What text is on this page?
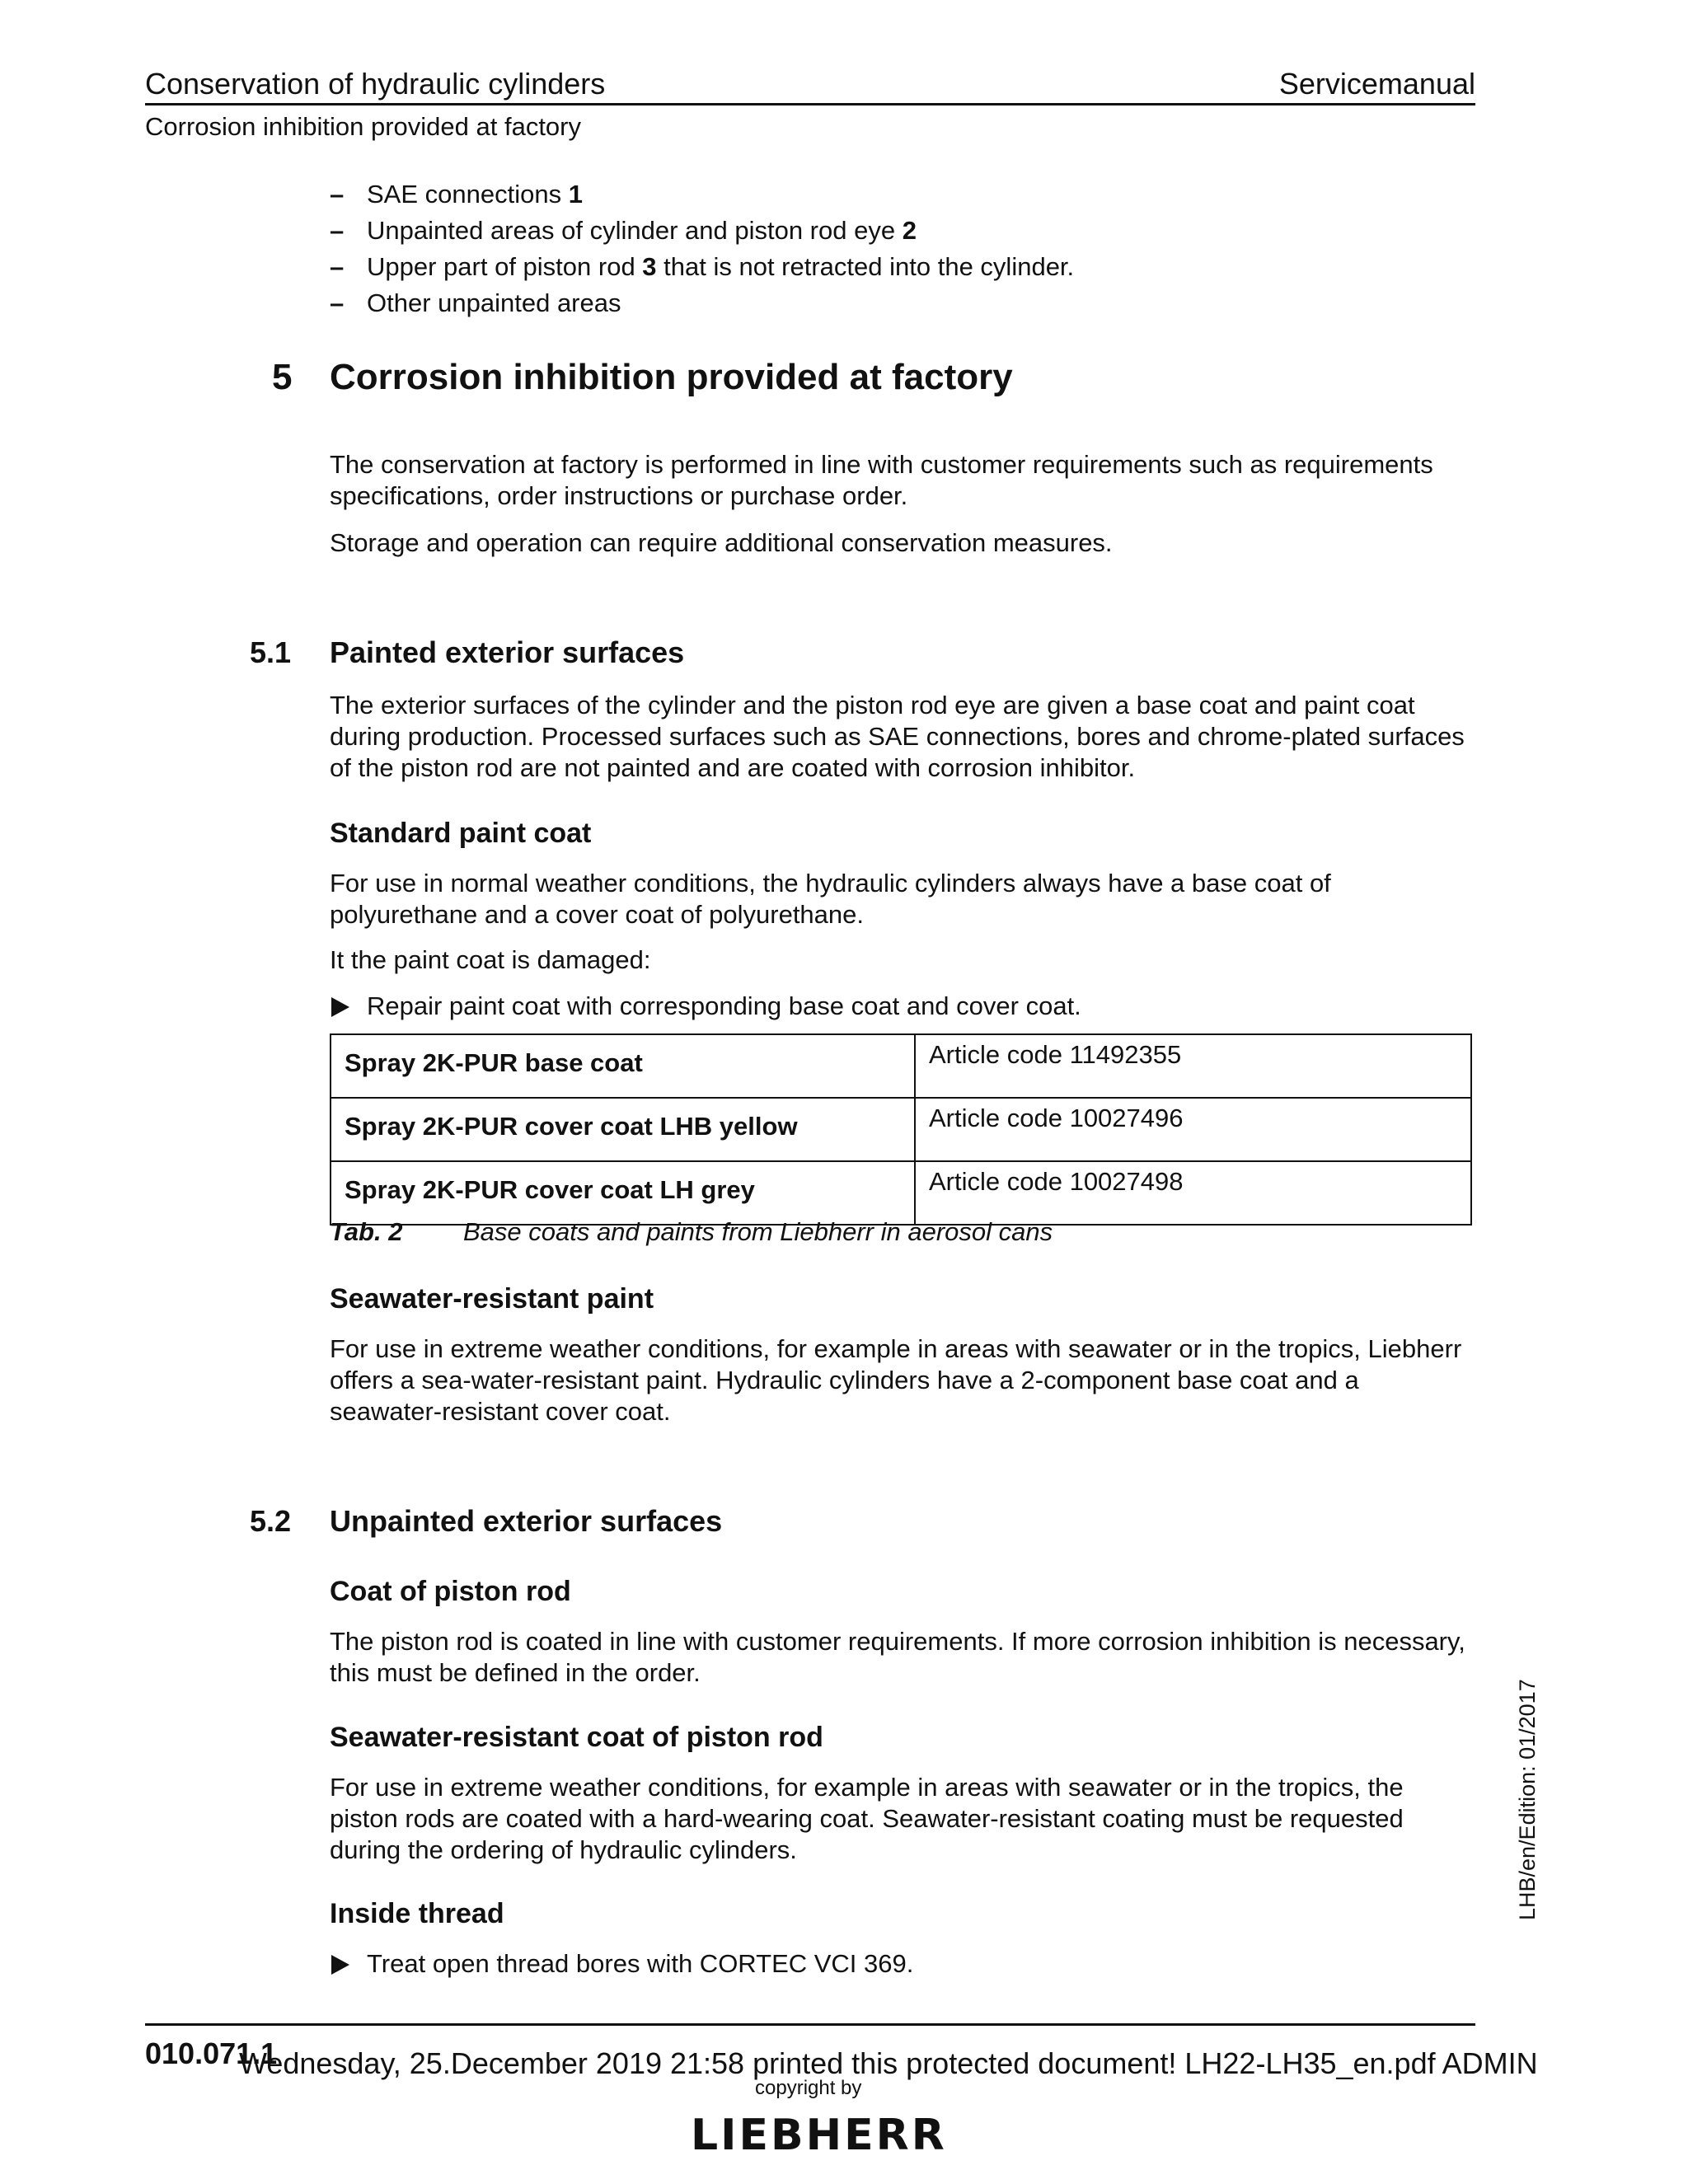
Conservation of hydraulic cylinders	Servicemanual
Corrosion inhibition provided at factory
– SAE connections 1
– Unpainted areas of cylinder and piston rod eye 2
– Upper part of piston rod 3 that is not retracted into the cylinder.
– Other unpainted areas
5 Corrosion inhibition provided at factory

The conservation at factory is performed in line with customer requirements such as requirements specifications, order instructions or purchase order.

Storage and operation can require additional conservation measures.

5.1 Painted exterior surfaces

The exterior surfaces of the cylinder and the piston rod eye are given a base coat and paint coat during production. Processed surfaces such as SAE connections, bores and chrome-plated surfaces of the piston rod are not painted and are coated with corrosion inhibitor.

Standard paint coat

For use in normal weather conditions, the hydraulic cylinders always have a base coat of polyurethane and a cover coat of polyurethane.

It the paint coat is damaged:

Repair paint coat with corresponding base coat and cover coat.
Spray 2K-PUR base coat	Article code 11492355
Spray 2K-PUR cover coat LHB yellow	Article code 10027496
Spray 2K-PUR cover coat LH grey	Article code 10027498
Tab. 2 Base coats and paints from Liebherr in aerosol cans
Seawater-resistant paint

For use in extreme weather conditions, for example in areas with seawater or in the tropics, Liebherr offers a sea-water-resistant paint. Hydraulic cylinders have a 2-component base coat and a seawater-resistant cover coat.

5.2 Unpainted exterior surfaces
Coat of piston rod

The piston rod is coated in line with customer requirements. If more corrosion inhibition is necessary, this must be defined in the order.

Seawater-resistant coat of piston rod

For use in extreme weather conditions, for example in areas with seawater or in the tropics, the piston rods are coated with a hard-wearing coat. Seawater-resistant coating must be requested during the ordering of hydraulic cylinders.

Inside thread
Treat open thread bores with CORTEC VCI 369.
LHB/en/Edition: 01/2017
010.071.1
Wednesday, 25.December 2019 21:58 printed this protected document! LH22-LH35_en.pdf ADMIN
copyright by
LIEBHERR
